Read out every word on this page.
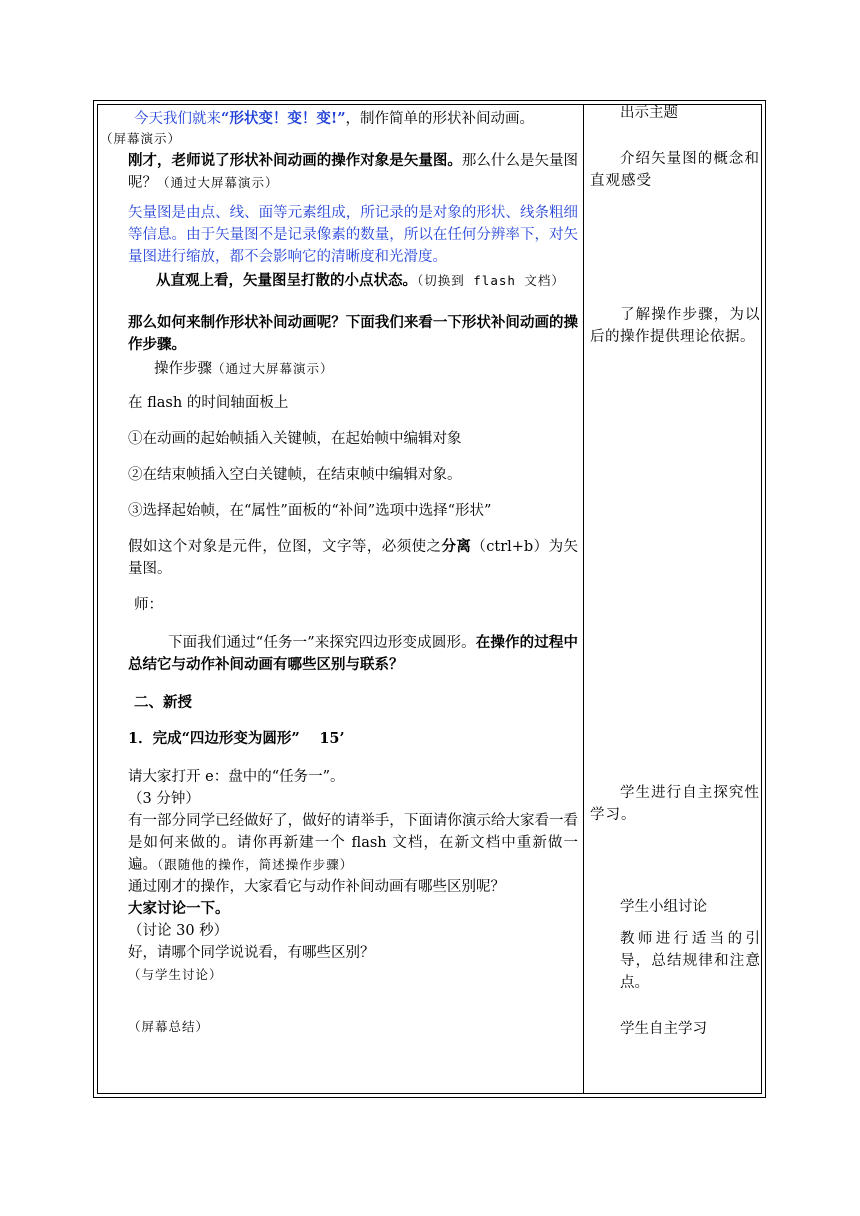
今天我们就来“形状变！变！变!”，制作简单的形状补间动画。

（屏幕演示）

刚才，老师说了形状补间动画的操作对象是矢量图。那么什么是矢量图呢？（通过大屏幕演示）

矢量图是由点、线、面等元素组成，所记录的是对象的形状、线条粗细等信息。由于矢量图不是记录像素的数量，所以在任何分辨率下，对矢量图进行缩放，都不会影响它的清晰度和光滑度。

从直观上看，矢量图呈打散的小点状态。（切换到 flash 文档）

那么如何来制作形状补间动画呢？下面我们来看一下形状补间动画的操作步骤。

操作步骤（通过大屏幕演示）

在 flash 的时间轴面板上

①在动画的起始帧插入关键帧，在起始帧中编辑对象

②在结束帧插入空白关键帧，在结束帧中编辑对象。

③选择起始帧，在“属性”面板的“补间”选项中选择“形状”

假如这个对象是元件，位图，文字等，必须使之分离（ctrl+b）为矢量图。

师：

下面我们通过“任务一”来探究四边形变成圆形。在操作的过程中总结它与动作补间动画有哪些区别与联系？

二、新授

1．完成“四边形变为圆形”　 15’

请大家打开 e：盘中的“任务一”。

（3 分钟）

有一部分同学已经做好了，做好的请举手，下面请你演示给大家看一看是如何来做的。请你再新建一个 flash 文档，在新文档中重新做一遍。（跟随他的操作，简述操作步骤）

通过刚才的操作，大家看它与动作补间动画有哪些区别呢？

大家讨论一下。

（讨论 30 秒）

好，请哪个同学说说看，有哪些区别？

（与学生讨论）

（屏幕总结）

出示主题

介绍矢量图的概念和直观感受

了解操作步骤，为以后的操作提供理论依据。

学生进行自主探究性学习。

学生小组讨论

教师进行适当的引导，总结规律和注意点。

学生自主学习
